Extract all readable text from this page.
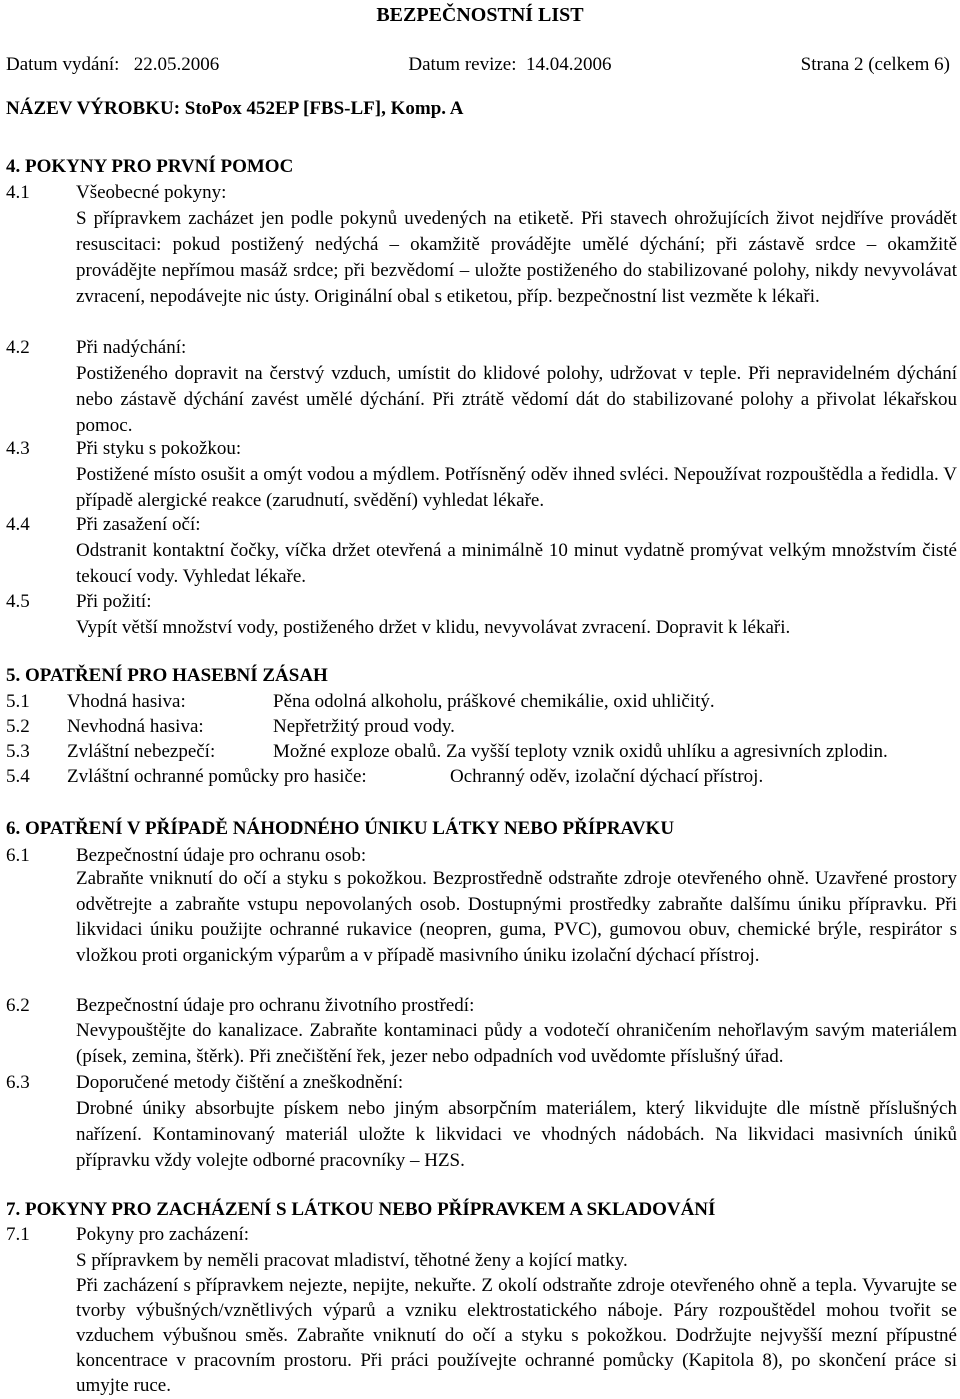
BEZPEČNOSTNÍ LIST
Datum vydání:   22.05.2006	Datum revize:  14.04.2006	Strana 2 (celkem 6)
NÁZEV VÝROBKU: StoPox 452EP [FBS-LF], Komp. A
4. POKYNY PRO PRVNÍ POMOC
4.1 Všeobecné pokyny:
S přípravkem zacházet jen podle pokynů uvedených na etiketě. Při stavech ohrožujících život nejdříve provádět resuscitaci: pokud postižený nedýchá – okamžitě provádějte umělé dýchání; při zástavě srdce – okamžitě provádějte nepřímou masáž srdce; při bezvědomí – uložte postiženého do stabilizované polohy, nikdy nevyvolávat zvracení, nepodávejte nic ústy. Originální obal s etiketou, příp. bezpečnostní list vezměte k lékaři.
4.2 Při nadýchání:
Postiženého dopravit na čerstvý vzduch, umístit do klidové polohy, udržovat v teple. Při nepravidelném dýchání nebo zástavě dýchání zavést umělé dýchání. Při ztrátě vědomí dát do stabilizované polohy a přivolat lékařskou pomoc.
4.3 Při styku s pokožkou:
Postižené místo osušit a omýt vodou a mýdlem. Potřísněný oděv ihned svléci. Nepoužívat rozpouštědla a ředidla. V případě alergické reakce (zarudnutí, svědění) vyhledat lékaře.
4.4 Při zasažení očí:
Odstranit kontaktní čočky, víčka držet otevřená a minimálně 10 minut vydatně promývat velkým množstvím čisté tekoucí vody. Vyhledat lékaře.
4.5 Při požití:
Vypít větší množství vody, postiženého držet v klidu, nevyvolávat zvracení. Dopravit k lékaři.
5. OPATŘENÍ PRO HASEBNÍ ZÁSAH
5.1 Vhodná hasiva:	Pěna odolná alkoholu, práškové chemikálie, oxid uhličitý.
5.2 Nevhodná hasiva:	Nepřetržitý proud vody.
5.3 Zvláštní nebezpečí:	Možné exploze obalů. Za vyšší teploty vznik oxidů uhlíku a agresivních zplodin.
5.4 Zvláštní ochranné pomůcky pro hasiče:	Ochranný oděv, izolační dýchací přístroj.
6. OPATŘENÍ V PŘÍPADĚ NÁHODNÉHO ÚNIKU LÁTKY NEBO PŘÍPRAVKU
6.1 Bezpečnostní údaje pro ochranu osob:
Zabraňte vniknutí do očí a styku s pokožkou. Bezprostředně odstraňte zdroje otevřeného ohně. Uzavřené prostory odvětrejte a zabraňte vstupu nepovolaných osob. Dostupnými prostředky zabraňte dalšímu úniku přípravku. Při likvidaci úniku použijte ochranné rukavice (neopren, guma, PVC), gumovou obuv, chemické brýle, respirátor s vložkou proti organickým výparům a v případě masivního úniku izolační dýchací přístroj.
6.2 Bezpečnostní údaje pro ochranu životního prostředí:
Nevypouštějte do kanalizace. Zabraňte kontaminaci půdy a vodotečí ohraničením nehořlavým savým materiálem (písek, zemina, štěrk). Při znečištění řek, jezer nebo odpadních vod uvědomte příslušný úřad.
6.3 Doporučené metody čištění a zneškodnění:
Drobné úniky absorbujte pískem nebo jiným absorpčním materiálem, který likvidujte dle místně příslušných nařízení. Kontaminovaný materiál uložte k likvidaci ve vhodných nádobách. Na likvidaci masivních úniků přípravku vždy volejte odborné pracovníky – HZS.
7. POKYNY PRO ZACHÁZENÍ S LÁTKOU NEBO PŘÍPRAVKEM A SKLADOVÁNÍ
7.1 Pokyny pro zacházení:
S přípravkem by neměli pracovat mladiství, těhotné ženy a kojící matky.
Při zacházení s přípravkem nejezte, nepijte, nekuřte. Z okolí odstraňte zdroje otevřeného ohně a tepla. Vyvarujte se tvorby výbušných/vznětlivých výparů a vzniku elektrostatického náboje. Páry rozpouštědel mohou tvořit se vzduchem výbušnou směs. Zabraňte vniknutí do očí a styku s pokožkou. Dodržujte nejvyšší mezní přípustné koncentrace v pracovním prostoru. Při práci používejte ochranné pomůcky (Kapitola 8), po skončení práce si umyjte ruce.
